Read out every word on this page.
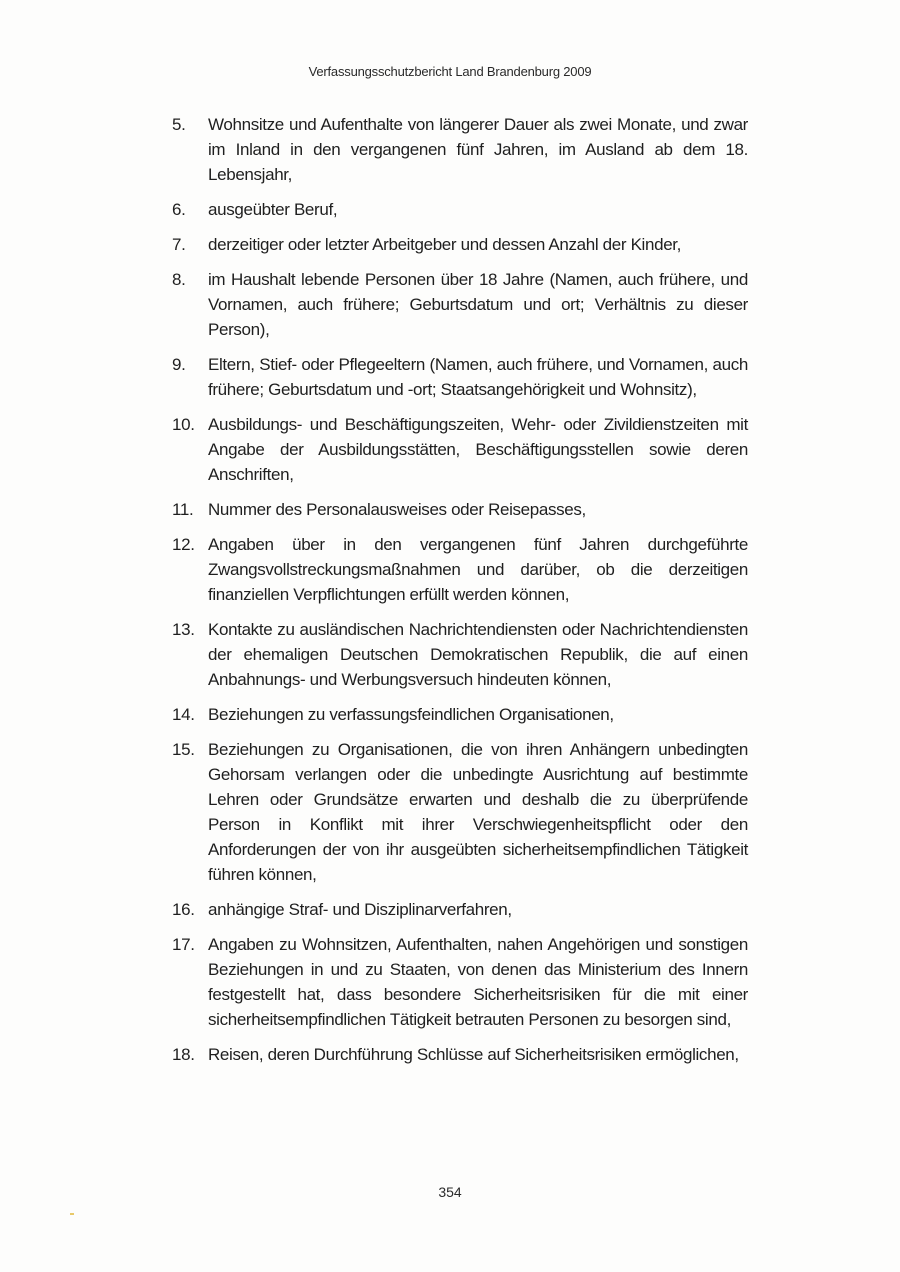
Verfassungsschutzbericht Land Brandenburg 2009
5.	Wohnsitze und Aufenthalte von längerer Dauer als zwei Monate, und zwar im Inland in den vergangenen fünf Jahren, im Ausland ab dem 18. Lebensjahr,
6.	ausgeübter Beruf,
7.	derzeitiger oder letzter Arbeitgeber und dessen Anzahl der Kinder,
8.	im Haushalt lebende Personen über 18 Jahre (Namen, auch frühere, und Vornamen, auch frühere; Geburtsdatum und ort; Verhältnis zu dieser Person),
9.	Eltern, Stief- oder Pflegeeltern (Namen, auch frühere, und Vornamen, auch frühere; Geburtsdatum und -ort; Staatsangehörigkeit und Wohnsitz),
10. Ausbildungs- und Beschäftigungszeiten, Wehr- oder Zivildienstzeiten mit Angabe der Ausbildungsstätten, Beschäftigungsstellen sowie deren Anschriften,
11. Nummer des Personalausweises oder Reisepasses,
12. Angaben über in den vergangenen fünf Jahren durchgeführte Zwangsvollstreckungsmaßnahmen und darüber, ob die derzeitigen finanziellen Verpflichtungen erfüllt werden können,
13. Kontakte zu ausländischen Nachrichtendiensten oder Nachrichtendiensten der ehemaligen Deutschen Demokratischen Republik, die auf einen Anbahnungs- und Werbungsversuch hindeuten können,
14. Beziehungen zu verfassungsfeindlichen Organisationen,
15. Beziehungen zu Organisationen, die von ihren Anhängern unbedingten Gehorsam verlangen oder die unbedingte Ausrichtung auf bestimmte Lehren oder Grundsätze erwarten und deshalb die zu überprüfende Person in Konflikt mit ihrer Verschwiegenheitspflicht oder den Anforderungen der von ihr ausgeübten sicherheitsempfindlichen Tätigkeit führen können,
16. anhängige Straf- und Disziplinarverfahren,
17. Angaben zu Wohnsitzen, Aufenthalten, nahen Angehörigen und sonstigen Beziehungen in und zu Staaten, von denen das Ministerium des Innern festgestellt hat, dass besondere Sicherheitsrisiken für die mit einer sicherheitsempfindlichen Tätigkeit betrauten Personen zu besorgen sind,
18. Reisen, deren Durchführung Schlüsse auf Sicherheitsrisiken ermöglichen,
354
